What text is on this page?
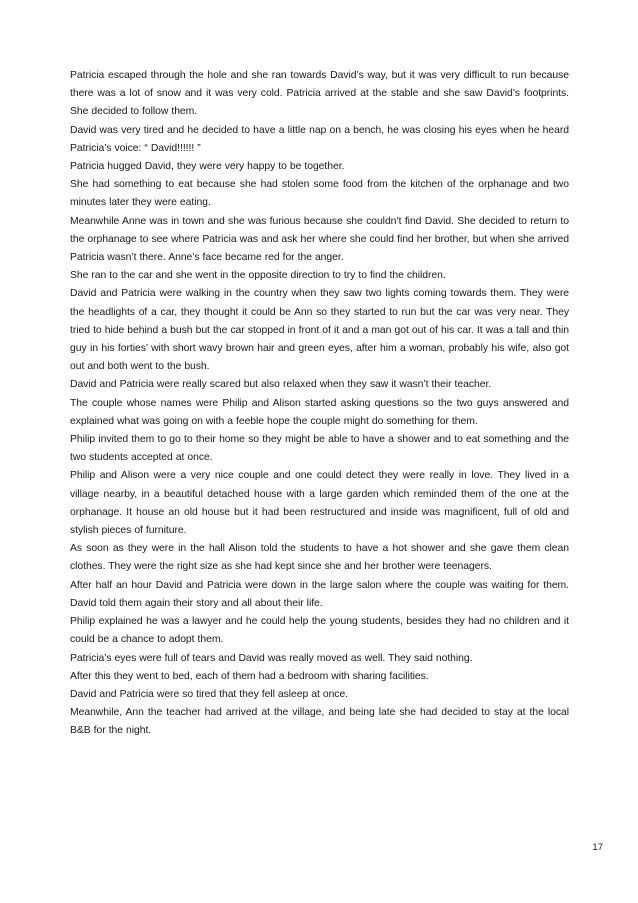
Patricia escaped through the hole and she ran towards David’s way, but it was very difficult to run because there was a lot of snow and it was very cold. Patricia arrived at the stable and she saw David’s footprints. She decided to follow them.

David was very tired and he decided to have a little nap on a bench, he was closing his eyes when he heard Patricia’s voice: “ David!!!!!! ”

Patricia hugged David, they were very happy to be together.

She had something to eat because she had stolen some food from the kitchen of the orphanage and two minutes later they were eating.

Meanwhile Anne was in town and she was furious because she couldn’t find David. She decided to return to the orphanage to see where Patricia was and ask her where she could find her brother, but when she arrived Patricia wasn’t there. Anne’s face became red for the anger.

She ran to the car and she went in the opposite direction to try to find the children.

David and Patricia were walking in the country when they saw two lights coming towards them. They were the headlights of a car, they thought it could be Ann so they started to run but the car was very near. They tried to hide behind a bush but the car stopped in front of it and a man got out of his car. It was a tall and thin guy in his forties’ with short wavy brown hair and green eyes, after him a woman, probably his wife, also got out and both went to the bush.

David and Patricia were really scared but also relaxed when they saw it wasn’t their teacher.

The couple whose names were Philip and Alison started asking questions so the two guys answered and explained what was going on with a feeble hope the couple might do something for them.

Philip invited them to go to their home so they might be able to have a shower and to eat something and the two students accepted at once.

Philip and Alison were a very nice couple and one could detect they were really in love. They lived in a village nearby, in a beautiful detached house with a large garden which reminded them of the one at the orphanage. It house an old house but it had been restructured and inside was magnificent, full of old and stylish pieces of furniture.

As soon as they were in the hall Alison told the students to have a hot shower and she gave them clean clothes. They were the right size as she had kept since she and her brother were teenagers.

After half an hour David and Patricia were down in the large salon where the couple was waiting for them. David told them again their story and all about their life.

Philip explained he was a lawyer and he could help the young students, besides they had no children and it could be a chance to adopt them.

Patricia’s eyes were full of tears and David was really moved as well. They said nothing.

After this they went to bed, each of them had a bedroom with sharing facilities.

David and Patricia were so tired that they fell asleep at once.

Meanwhile, Ann the teacher had arrived at the village, and being late she had decided to stay at the local B&B for the night.

17
